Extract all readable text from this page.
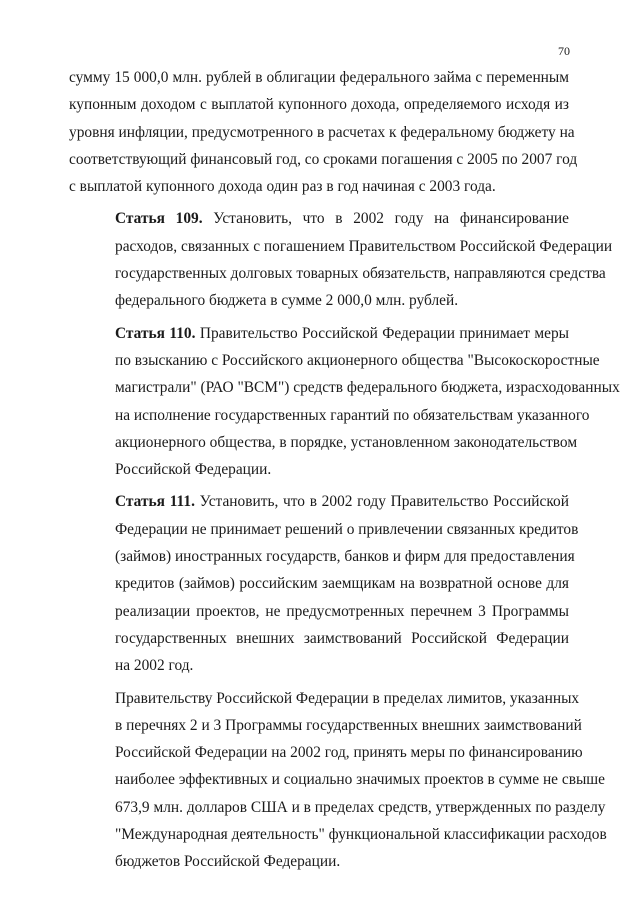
70
сумму 15 000,0 млн. рублей в облигации федерального займа с переменным
купонным доходом с выплатой купонного дохода, определяемого исходя из
уровня инфляции, предусмотренного в расчетах к федеральному бюджету на
соответствующий финансовый год, со сроками погашения с 2005 по 2007 год
с выплатой купонного дохода один раз в год начиная с 2003 года.
Статья 109. Установить, что в 2002 году на финансирование
расходов, связанных с погашением Правительством Российской Федерации
государственных долговых товарных обязательств, направляются средства
федерального бюджета в сумме 2 000,0 млн. рублей.
Статья 110. Правительство Российской Федерации принимает меры
по взысканию с Российского акционерного общества "Высокоскоростные
магистрали" (РАО "ВСМ") средств федерального бюджета, израсходованных
на исполнение государственных гарантий по обязательствам указанного
акционерного общества, в порядке, установленном законодательством
Российской Федерации.
Статья 111. Установить, что в 2002 году Правительство Российской
Федерации не принимает решений о привлечении связанных кредитов
(займов) иностранных государств, банков и фирм для предоставления
кредитов (займов) российским заемщикам на возвратной основе для
реализации проектов, не предусмотренных перечнем 3 Программы
государственных внешних заимствований Российской Федерации
на 2002 год.
Правительству Российской Федерации в пределах лимитов, указанных
в перечнях 2 и 3 Программы государственных внешних заимствований
Российской Федерации на 2002 год, принять меры по финансированию
наиболее эффективных и социально значимых проектов в сумме не свыше
673,9 млн. долларов США и в пределах средств, утвержденных по разделу
"Международная деятельность" функциональной классификации расходов
бюджетов Российской Федерации.
